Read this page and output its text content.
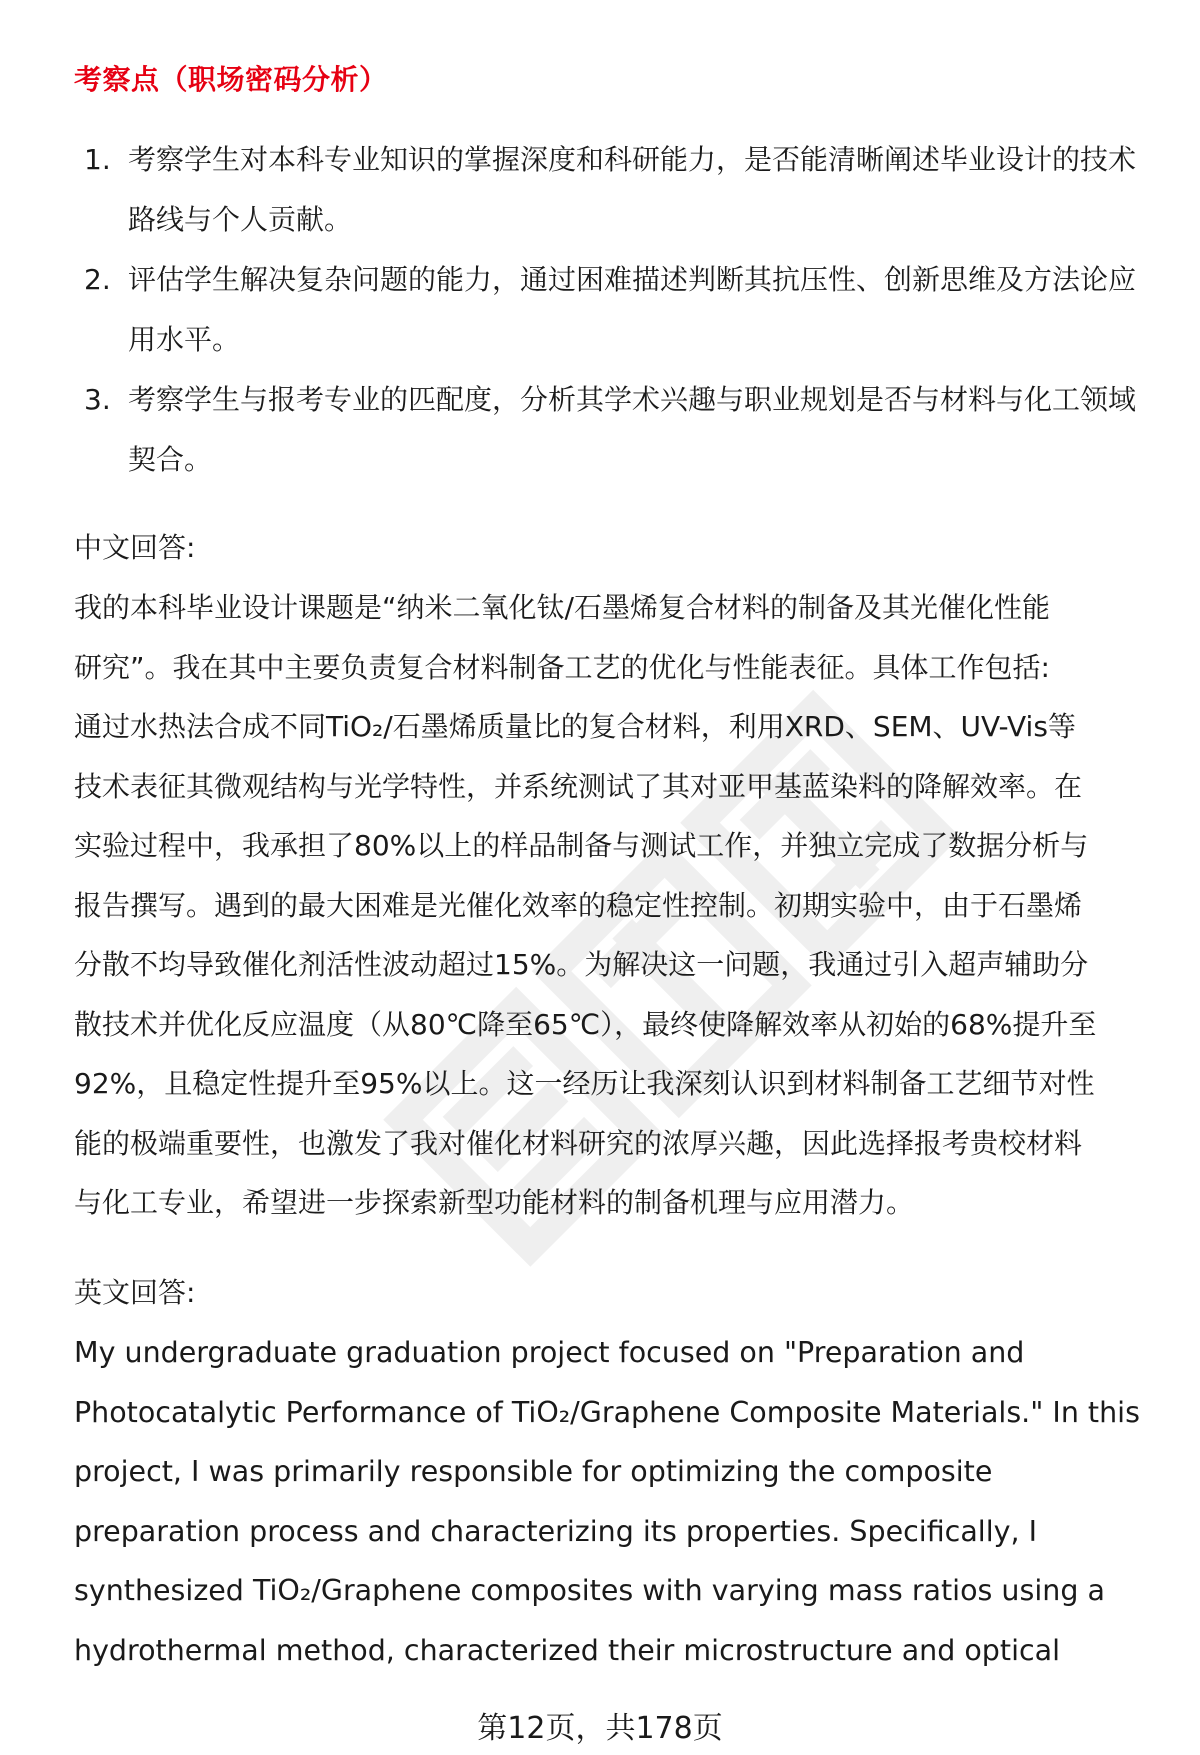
考察点（职场密码分析）
1. 考察学生对本科专业知识的掌握深度和科研能力，是否能清晰阐述毕业设计的技术路线与个人贡献。
2. 评估学生解决复杂问题的能力，通过困难描述判断其抗压性、创新思维及方法论应用水平。
3. 考察学生与报考专业的匹配度，分析其学术兴趣与职业规划是否与材料与化工领域契合。
中文回答:
我的本科毕业设计课题是“纳米二氧化钛/石墨烯复合材料的制备及其光催化性能
研究”。我在其中主要负责复合材料制备工艺的优化与性能表征。具体工作包括:
通过水热法合成不同TiO₂/石墨烯质量比的复合材料，利用XRD、SEM、UV-Vis等
技术表征其微观结构与光学特性，并系统测试了其对亚甲基蓝染料的降解效率。在
实验过程中，我承担了80%以上的样品制备与测试工作，并独立完成了数据分析与
报告撰写。遇到的最大困难是光催化效率的稳定性控制。初期实验中，由于石墨烯
分散不均导致催化剂活性波动超过15%。为解决这一问题，我通过引入超声辅助分
散技术并优化反应温度（从80℃降至65℃），最终使降解效率从初始的68%提升至
92%，且稳定性提升至95%以上。这一经历让我深刻认识到材料制备工艺细节对性
能的极端重要性，也激发了我对催化材料研究的浓厚兴趣，因此选择报考贵校材料
与化工专业，希望进一步探索新型功能材料的制备机理与应用潜力。
英文回答:
My undergraduate graduation project focused on "Preparation and
Photocatalytic Performance of TiO₂/Graphene Composite Materials." In this
project, I was primarily responsible for optimizing the composite
preparation process and characterizing its properties. Specifically, I
synthesized TiO₂/Graphene composites with varying mass ratios using a
hydrothermal method, characterized their microstructure and optical
第12页，共178页
